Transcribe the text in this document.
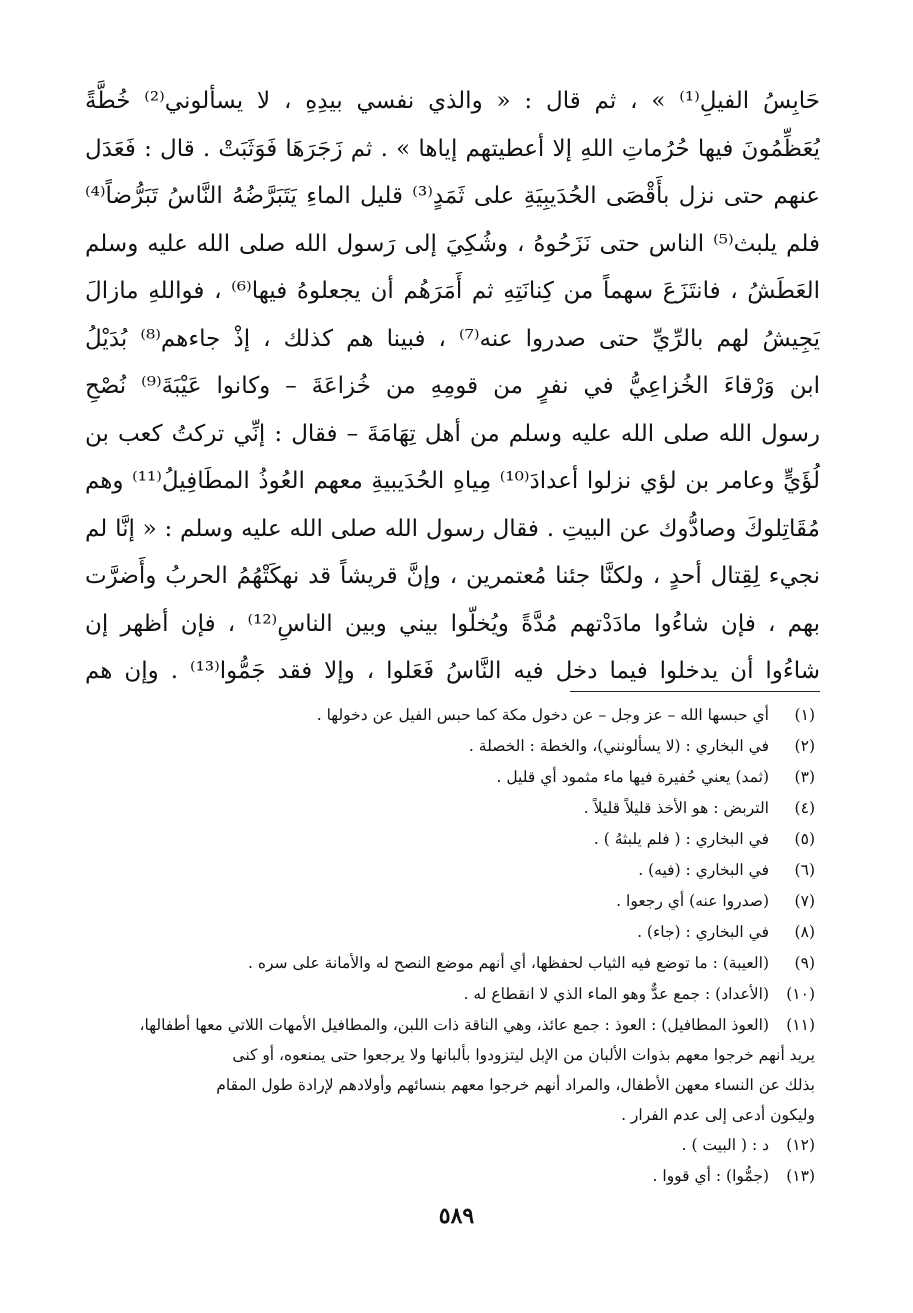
حَابِسُ الفيلِ⁽¹⁾ » ، ثم قال : « والذي نفسي بيدِهِ ، لا يسألوني⁽²⁾ خُطَّةً
يُعَظِّمُونَ فيها حُرُماتِ اللهِ إلا أعطيتهم إياها » . ثم زَجَرَهَا فَوَثَبَتْ . قال : فَعَدَل
عنهم حتى نزل بأَقْصَى الحُدَيبِيَةِ على ثَمَدٍ⁽³⁾ قليل الماءِ يَتَبَرَّضُهُ النَّاسُ تَبَرُّضاً⁽⁴⁾
فلم يلبث⁽⁵⁾ الناس حتى نَزَحُوهُ ، وشُكِيَ إلى رَسول الله صلى الله عليه وسلم
العَطَشُ ، فانتَزَعَ سهماً من كِنانَتِهِ ثم أَمَرَهُم أن يجعلوهُ فيها⁽⁶⁾ ، فواللهِ مازالَ
يَجِيشُ لهم بالرِّيِّ حتى صدروا عنه⁽⁷⁾ ، فبينا هم كذلك ، إذْ جاءهم⁽⁸⁾ بُدَيْلُ
ابن وَرْقاءَ الخُزاعِيُّ في نفرٍ من قومِهِ من خُزاعَةَ – وكانوا عَيْبَةَ⁽⁹⁾ نُصْحِ
رسول الله صلى الله عليه وسلم من أهل تِهَامَةَ – فقال : إنِّي تركتُ كعب بن
لُؤَيٍّ وعامر بن لؤي نزلوا أعدادَ⁽¹⁰⁾ مِياهِ الحُدَيبيةِ معهم العُوذُ المطَافِيلُ⁽¹¹⁾ وهم
مُقَاتِلوكَ وصادُّوك عن البيتِ . فقال رسول الله صلى الله عليه وسلم : « إنَّا لم
نجيء لِقِتال أحدٍ ، ولكنَّا جئنا مُعتمرين ، وإنَّ قريشاً قد نهكَتْهُمُ الحربُ وأَضرَّت
بهم ، فإن شاءُوا مادَدْتهم مُدَّةً ويُخلّوا بيني وبين الناسِ⁽¹²⁾ ، فإن أظهر إن
شاءُوا أن يدخلوا فيما دخل فيه النَّاسُ فَعَلوا ، وإلا فقد جَمُّوا⁽¹³⁾ . وإن هم
(١)
أي حبسها الله – عز وجل – عن دخول مكة كما حبس الفيل عن دخولها .
(٢)
في البخاري : (لا يسألونني)، والخطة : الخصلة .
(٣)
(ثمد) يعني حُفيرة فيها ماء مثمود أي قليل .
(٤)
التربض : هو الأخذ قليلاً قليلاً .
(٥)
في البخاري : ( فلم يلبثهُ ) .
(٦)
في البخاري : (فيه) .
(٧)
(صدروا عنه) أي رجعوا .
(٨)
في البخاري : (جاء) .
(٩)
(العيبة) : ما توضع فيه الثياب لحفظها، أي أنهم موضع النصح له والأمانة على سره .
(١٠)
(الأعداد) : جمع عدٌّ وهو الماء الذي لا انقطاع له .
(١١)
(العوذ المطافيل) : العوذ : جمع عائذ، وهي الناقة ذات اللبن، والمطافيل الأمهات اللاتي معها أطفالها،
يريد أنهم خرجوا معهم بذوات الألبان من الإبل ليتزودوا بألبانها ولا يرجعوا حتى يمنعوه، أو كنى
بذلك عن النساء معهن الأطفال، والمراد أنهم خرجوا معهم بنسائهم وأولادهم لإرادة طول المقام
وليكون أدعى إلى عدم الفرار .
(١٢)
د : ( البيت ) .
(١٣)
(جمُّوا) : أي قووا .
٥٨٩
